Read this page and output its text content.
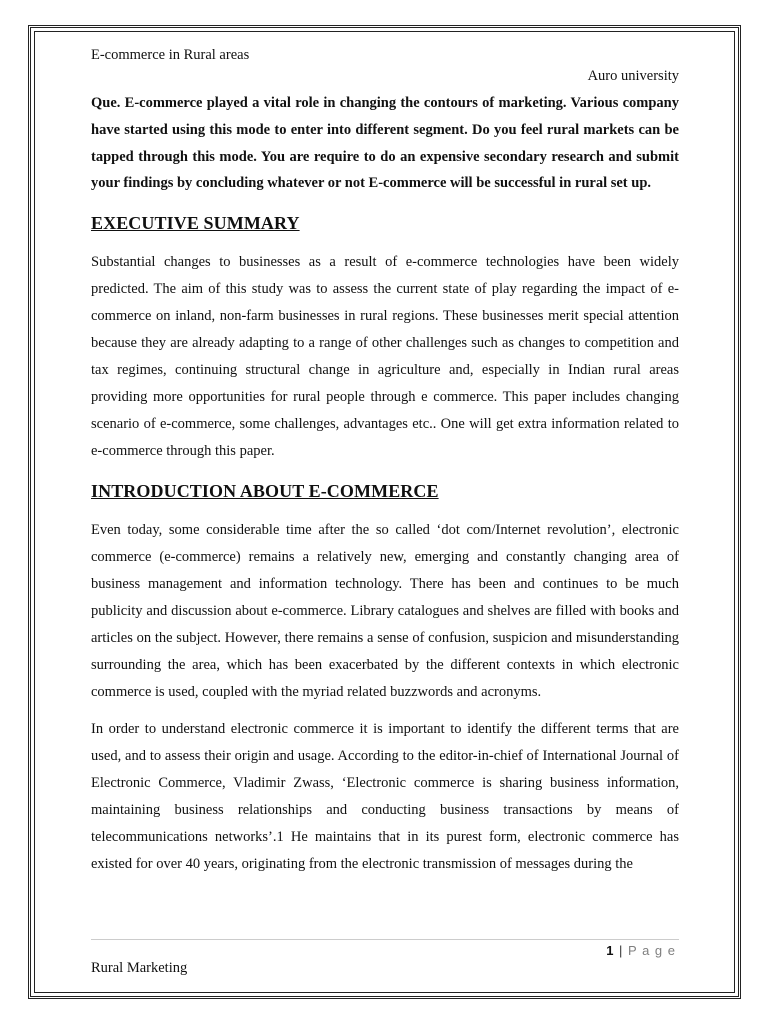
E-commerce in Rural areas

Auro university

Que. E-commerce played a vital role in changing the contours of marketing. Various company have started using this mode to enter into different segment. Do you feel rural markets can be tapped through this mode. You are require to do an expensive secondary research and submit your findings by concluding whatever or not E-commerce will be successful in rural set up.

EXECUTIVE SUMMARY

Substantial changes to businesses as a result of e-commerce technologies have been widely predicted. The aim of this study was to assess the current state of play regarding the impact of e-commerce on inland, non-farm businesses in rural regions. These businesses merit special attention because they are already adapting to a range of other challenges such as changes to competition and tax regimes, continuing structural change in agriculture and, especially in Indian rural areas providing more opportunities for rural people through e commerce. This paper includes changing scenario of e-commerce, some challenges, advantages etc.. One will get extra information related to e-commerce through this paper.

INTRODUCTION ABOUT E-COMMERCE

Even today, some considerable time after the so called ‘dot com/Internet revolution’, electronic commerce (e-commerce) remains a relatively new, emerging and constantly changing area of business management and information technology. There has been and continues to be much publicity and discussion about e-commerce. Library catalogues and shelves are filled with books and articles on the subject. However, there remains a sense of confusion, suspicion and misunderstanding surrounding the area, which has been exacerbated by the different contexts in which electronic commerce is used, coupled with the myriad related buzzwords and acronyms.

In order to understand electronic commerce it is important to identify the different terms that are used, and to assess their origin and usage. According to the editor-in-chief of International Journal of Electronic Commerce, Vladimir Zwass, ‘Electronic commerce is sharing business information, maintaining business relationships and conducting business transactions by means of telecommunications networks’.1 He maintains that in its purest form, electronic commerce has existed for over 40 years, originating from the electronic transmission of messages during the

1 | P a g e
Rural Marketing
